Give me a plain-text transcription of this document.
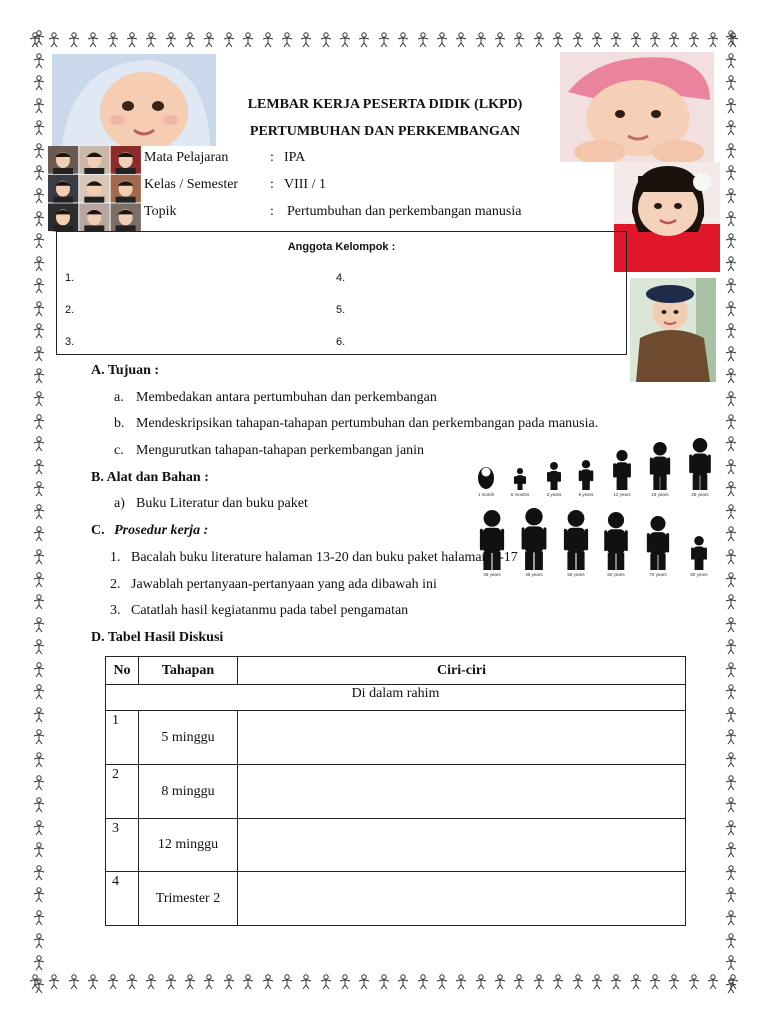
LEMBAR KERJA PESERTA DIDIK (LKPD)
PERTUMBUHAN DAN PERKEMBANGAN
Mata Pelajaran	: IPA
Kelas / Semester : VIII / 1
Topik	: Pertumbuhan dan perkembangan manusia
Anggota Kelompok :
1.
2.
3.
4.
5.
6.
1 month	6 months	3 years	6 years	12 years	18 years	25 years
35 years	45 years	55 years	60 years	70 years	80 years
A. Tujuan :
a. Membedakan antara pertumbuhan dan perkembangan
b. Mendeskripsikan tahapan-tahapan pertumbuhan dan perkembangan pada manusia.
c. Mengurutkan tahapan-tahapan perkembangan janin
B. Alat dan Bahan :
a) Buku Literatur dan buku paket
C. Prosedur kerja :
1. Bacalah buku literature halaman 13-20 dan buku paket halaman 8-17
2. Jawablah pertanyaan-pertanyaan yang ada dibawah ini
3. Catatlah hasil kegiatanmu pada tabel pengamatan
D. Tabel Hasil Diskusi
No	Tahapan	Ciri-ciri
Di dalam rahim		
1	5 minggu	
2	8 minggu	
3	12 minggu	
4	Trimester 2	
